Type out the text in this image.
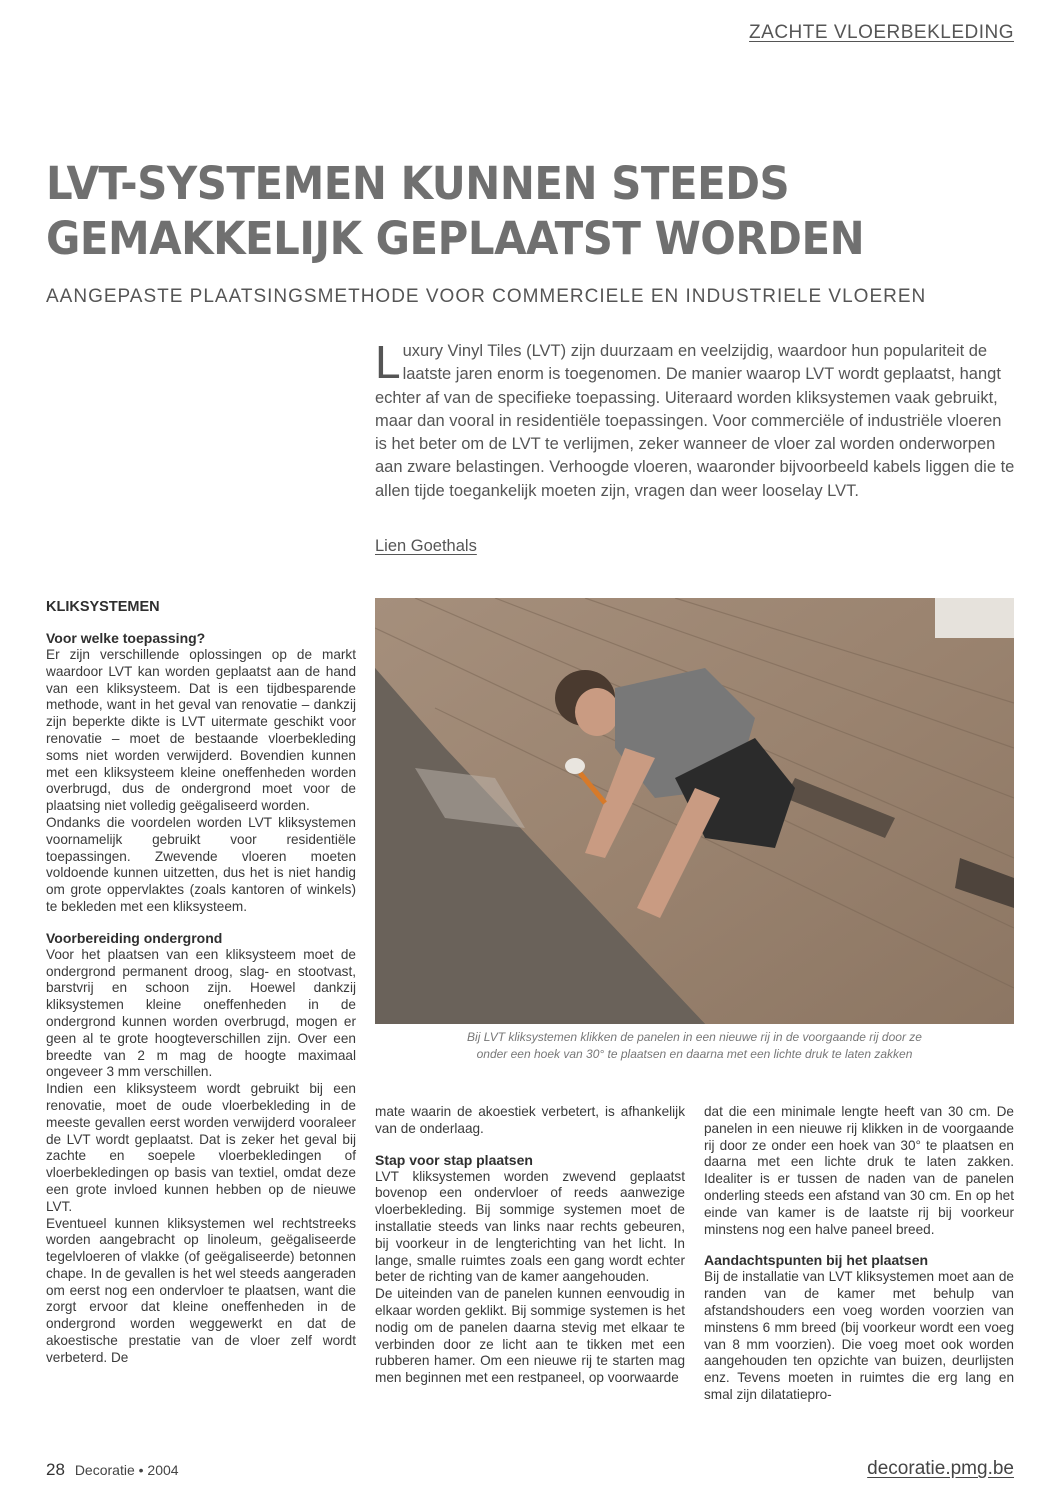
ZACHTE VLOERBEKLEDING
LVT-SYSTEMEN KUNNEN STEEDS
GEMAKKELIJK GEPLAATST WORDEN
AANGEPASTE PLAATSINGSMETHODE VOOR COMMERCIELE EN INDUSTRIELE VLOEREN
Luxury Vinyl Tiles (LVT) zijn duurzaam en veelzijdig, waardoor hun populariteit de laatste jaren enorm is toegenomen. De manier waarop LVT wordt geplaatst, hangt echter af van de specifieke toepassing. Uiteraard worden kliksystemen vaak gebruikt, maar dan vooral in residentiële toepassingen. Voor commerciële of industriële vloeren is het beter om de LVT te verlijmen, zeker wanneer de vloer zal worden onderworpen aan zware belastingen. Verhoogde vloeren, waaronder bijvoorbeeld kabels liggen die te allen tijde toegankelijk moeten zijn, vragen dan weer looselay LVT.
Lien Goethals
KLIKSYSTEMEN
Voor welke toepassing?

Er zijn verschillende oplossingen op de markt waardoor LVT kan worden geplaatst aan de hand van een kliksysteem. Dat is een tijdbesparende methode, want in het geval van renovatie – dankzij zijn beperkte dikte is LVT uitermate geschikt voor renovatie – moet de bestaande vloerbekleding soms niet worden verwijderd. Bovendien kunnen met een kliksysteem kleine oneffenheden worden overbrugd, dus de ondergrond moet voor de plaatsing niet volledig geëgaliseerd worden.

Ondanks die voordelen worden LVT kliksystemen voornamelijk gebruikt voor residentiële toepassingen. Zwevende vloeren moeten voldoende kunnen uitzetten, dus het is niet handig om grote oppervlaktes (zoals kantoren of winkels) te bekleden met een kliksysteem.

Voorbereiding ondergrond

Voor het plaatsen van een kliksysteem moet de ondergrond permanent droog, slag- en stootvast, barstvrij en schoon zijn. Hoewel dankzij kliksystemen kleine oneffenheden in de ondergrond kunnen worden overbrugd, mogen er geen al te grote hoogteverschillen zijn. Over een breedte van 2 m mag de hoogte maximaal ongeveer 3 mm verschillen.

Indien een kliksysteem wordt gebruikt bij een renovatie, moet de oude vloerbekleding in de meeste gevallen eerst worden verwijderd vooraleer de LVT wordt geplaatst. Dat is zeker het geval bij zachte en soepele vloerbekledingen of vloerbekledingen op basis van textiel, omdat deze een grote invloed kunnen hebben op de nieuwe LVT.

Eventueel kunnen kliksystemen wel rechtstreeks worden aangebracht op linoleum, geëgaliseerde tegelvloeren of vlakke (of geëgaliseerde) betonnen chape. In de gevallen is het wel steeds aangeraden om eerst nog een ondervloer te plaatsen, want die zorgt ervoor dat kleine oneffenheden in de ondergrond worden weggewerkt en dat de akoestische prestatie van de vloer zelf wordt verbeterd. De

Bij LVT kliksystemen klikken de panelen in een nieuwe rij in de voorgaande rij door ze
onder een hoek van 30° te plaatsen en daarna met een lichte druk te laten zakken

mate waarin de akoestiek verbetert, is afhankelijk van de onderlaag.

Stap voor stap plaatsen

LVT kliksystemen worden zwevend geplaatst bovenop een ondervloer of reeds aanwezige vloerbekleding. Bij sommige systemen moet de installatie steeds van links naar rechts gebeuren, bij voorkeur in de lengterichting van het licht. In lange, smalle ruimtes zoals een gang wordt echter beter de richting van de kamer aangehouden.

De uiteinden van de panelen kunnen eenvoudig in elkaar worden geklikt. Bij sommige systemen is het nodig om de panelen daarna stevig met elkaar te verbinden door ze licht aan te tikken met een rubberen hamer. Om een nieuwe rij te starten mag men beginnen met een restpaneel, op voorwaarde

dat die een minimale lengte heeft van 30 cm. De panelen in een nieuwe rij klikken in de voorgaande rij door ze onder een hoek van 30° te plaatsen en daarna met een lichte druk te laten zakken. Idealiter is er tussen de naden van de panelen onderling steeds een afstand van 30 cm. En op het einde van kamer is de laatste rij bij voorkeur minstens nog een halve paneel breed.

Aandachtspunten bij het plaatsen

Bij de installatie van LVT kliksystemen moet aan de randen van de kamer met behulp van afstandshouders een voeg worden voorzien van minstens 6 mm breed (bij voorkeur wordt een voeg van 8 mm voorzien). Die voeg moet ook worden aangehouden ten opzichte van buizen, deurlijsten enz. Tevens moeten in ruimtes die erg lang en smal zijn dilatatiepro-

28 Decoratie • 2004	decoratie.pmg.be
